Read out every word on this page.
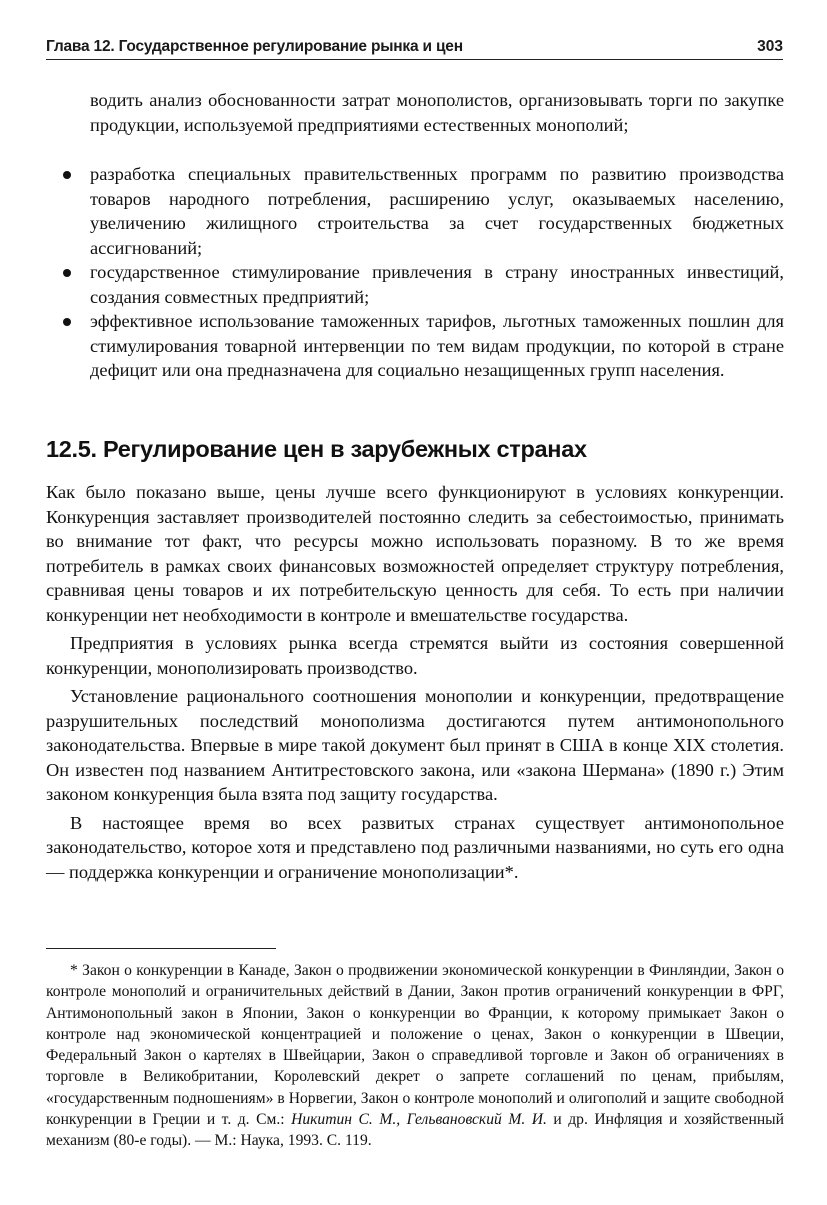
Глава 12. Государственное регулирование рынка и цен	303

водить анализ обоснованности затрат монополистов, организовывать торги по закупке продукции, используемой предприятиями естественных монополий;

разработка специальных правительственных программ по развитию производства товаров народного потребления, расширению услуг, оказываемых населению, увеличению жилищного строительства за счет государственных бюджетных ассигнований;
государственное стимулирование привлечения в страну иностранных инвестиций, создания совместных предприятий;
эффективное использование таможенных тарифов, льготных таможенных пошлин для стимулирования товарной интервенции по тем видам продукции, по которой в стране дефицит или она предназначена для социально незащищенных групп населения.
12.5. Регулирование цен в зарубежных странах

Как было показано выше, цены лучше всего функционируют в условиях конкуренции. Конкуренция заставляет производителей постоянно следить за себестоимостью, принимать во внимание тот факт, что ресурсы можно использовать поразному. В то же время потребитель в рамках своих финансовых возможностей определяет структуру потребления, сравнивая цены товаров и их потребительскую ценность для себя. То есть при наличии конкуренции нет необходимости в контроле и вмешательстве государства.

Предприятия в условиях рынка всегда стремятся выйти из состояния совершенной конкуренции, монополизировать производство.

Установление рационального соотношения монополии и конкуренции, предотвращение разрушительных последствий монополизма достигаются путем антимонопольного законодательства. Впервые в мире такой документ был принят в США в конце XIX столетия. Он известен под названием Антитрестовского закона, или «закона Шермана» (1890 г.) Этим законом конкуренция была взята под защиту государства.

В настоящее время во всех развитых странах существует антимонопольное законодательство, которое хотя и представлено под различными названиями, но суть его одна — поддержка конкуренции и ограничение монополизации*.

* Закон о конкуренции в Канаде, Закон о продвижении экономической конкуренции в Финляндии, Закон о контроле монополий и ограничительных действий в Дании, Закон против ограничений конкуренции в ФРГ, Антимонопольный закон в Японии, Закон о конкуренции во Франции, к которому примыкает Закон о контроле над экономической концентрацией и положение о ценах, Закон о конкуренции в Швеции, Федеральный Закон о картелях в Швейцарии, Закон о справедливой торговле и Закон об ограничениях в торговле в Великобритании, Королевский декрет о запрете соглашений по ценам, прибылям, «государственным подношениям» в Норвегии, Закон о контроле монополий и олигополий и защите свободной конкуренции в Греции и т. д. См.: Никитин С. М., Гельвановский М. И. и др. Инфляция и хозяйственный механизм (80-е годы). — М.: Наука, 1993. С. 119.
